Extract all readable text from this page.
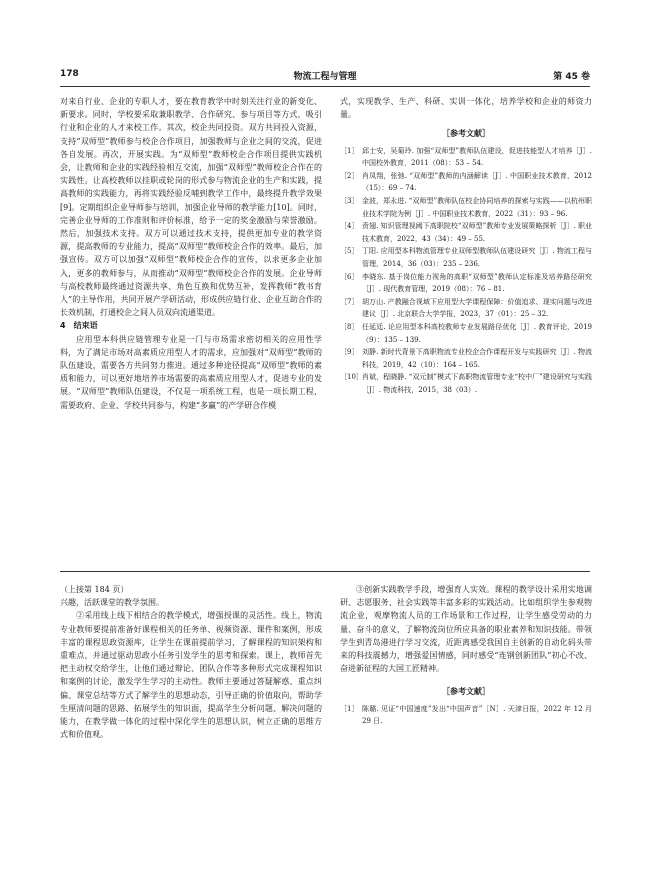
178	物流工程与管理	第 45 卷

对来自行业、企业的专职人才，要在教育教学中时刻关注行业的新变化、新要求。同时，学校要采取兼职教学、合作研究、参与项目等方式，吸引行业和企业的人才来校工作。其次，校企共同投资。双方共同投入资源，支持“双师型”教师参与校企合作项目，加强教师与企业之间的交流，促进各自发展。再次，开展实践。为“双师型”教师校企合作项目提供实践机会，让教师和企业的实践经验相互交流，加强“双师型”教师校企合作在的实践性。让高校教师以挂职或轮岗的形式参与物流企业的生产和实践，提高教师的实践能力，再将实践经验反哺到教学工作中，最终提升教学效果[9]。定期组织企业导师参与培训，加强企业导师的教学能力[10]。同时，完善企业导师的工作准则和评价标准，给予一定的奖金激励与荣誉激励。然后，加强技术支持。双方可以通过技术支持，提供更加专业的教学资源，提高教师的专业能力，提高“双师型”教师校企合作的效率。最后，加强宣传。双方可以加强“双师型”教师校企合作的宣传，以求更多企业加入，更多的教师参与，从而推动“双师型”教师校企合作的发展。企业导师与高校教师最终通过资源共享、角色互换和优势互补，发挥教师“教书育人”的主导作用，共同开展产学研活动，形成供应链行业、企业互助合作的长效机制，打通校企之间人员双向流通渠道。

4　结束语

应用型本科供应链管理专业是一门与市场需求密切相关的应用性学科，为了满足市场对高素质应用型人才的需求，应加强对“双师型”教师的队伍建设，需要各方共同努力推进。通过多种途径提高“双师型”教师的素质和能力，可以更好地培养市场需要的高素质应用型人才，促进专业的发展。“双师型”教师队伍建设，不仅是一项系统工程，也是一项长期工程，需要政府、企业、学校共同参与，构建“多赢”的产学研合作模

式，实现教学、生产、科研、实训一体化，培养学校和企业的师资力量。

［参考文献］
［1］ 邱士安，吴菊玲. 加强“双师型”教师队伍建设，促进技能型人才培养［J］. 中国校外教育，2011（08）：53 – 54.
［2］ 肖凤翔，张弛. “双师型”教师的内涵解读［J］. 中国职业技术教育，2012（15）：69 – 74.
［3］ 金波，郑永进. “双师型”教师队伍校企协同培养的探索与实践——以杭州职业技术学院为例［J］. 中国职业技术教育，2022（31）：93 – 96.
［4］ 贲翅. 知识管理视阈下高职院校“双师型”教师专业发展策略探析［J］. 职业技术教育，2022，43（34）：49 – 55.
［5］ 丁阳. 应用型本科物流管理专业双师型教师队伍建设研究［J］. 物流工程与管理，2014，36（03）：235 – 236.
［6］ 李晓东. 基于岗位能力视角的高职“双师型”教师认定标准及培养路径研究［J］. 现代教育管理，2019（08）：76 – 81.
［7］ 胡万山. 产教融合视域下应用型大学课程保障：价值追求、现实问题与改进建议［J］. 北京联合大学学报，2023，37（01）：25 – 32.
［8］ 任延廷. 论应用型本科高校教师专业发展路径优化［J］. 教育评论，2019（9）：135 – 139.
［9］ 刘静. 新时代背景下高职物流专业校企合作课程开发与实践研究［J］. 物流科技，2019，42（10）：164 – 165.
［10］ 肖斌，程晓静. “双元制”模式下高职物流管理专业“校中厂”建设研究与实践［J］. 物流科技，2015，38（03）.

（上接第 184 页）

兴趣，活跃课堂的教学氛围。

②采用线上线下相结合的教学模式，增强授课的灵活性。线上，物流专业教师要提前准备好课程相关的任务单、视频资源、课件和案例，形成丰富的课程思政资源库，让学生在课前提前学习，了解课程的知识架构和重难点，并通过驱动思政小任务引发学生的思考和探索。课上，教师首先把主动权交给学生，让他们通过辩论、团队合作等多种形式完成课程知识和案例的讨论，激发学生学习的主动性。教师主要通过答疑解惑、重点纠偏、课堂总结等方式了解学生的思想动态，引导正确的价值取向，帮助学生厘清问题的思路、拓展学生的知识面，提高学生分析问题、解决问题的能力，在教学做一体化的过程中深化学生的思想认识，树立正确的思维方式和价值观。

③创新实践教学手段，增强育人实效。课程的教学设计采用实地调研、志愿服务、社会实践等丰富多彩的实践活动。比如组织学生参观物流企业，观摩物流人员的工作场景和工作过程，让学生感受劳动的力量、奋斗的意义，了解物流岗位所应具备的职业素养和知识技能。带领学生到青岛港进行学习交流，近距离感受我国自主创新的自动化码头带来的科技震撼力，增强爱国情感，同时感受“连钢创新团队”初心不改、奋进新征程的大国工匠精神。

［参考文献］
［1］ 陈璐. 见证“中国速度”发出“中国声音”［N］. 天津日报，2022 年 12 月 29 日.
